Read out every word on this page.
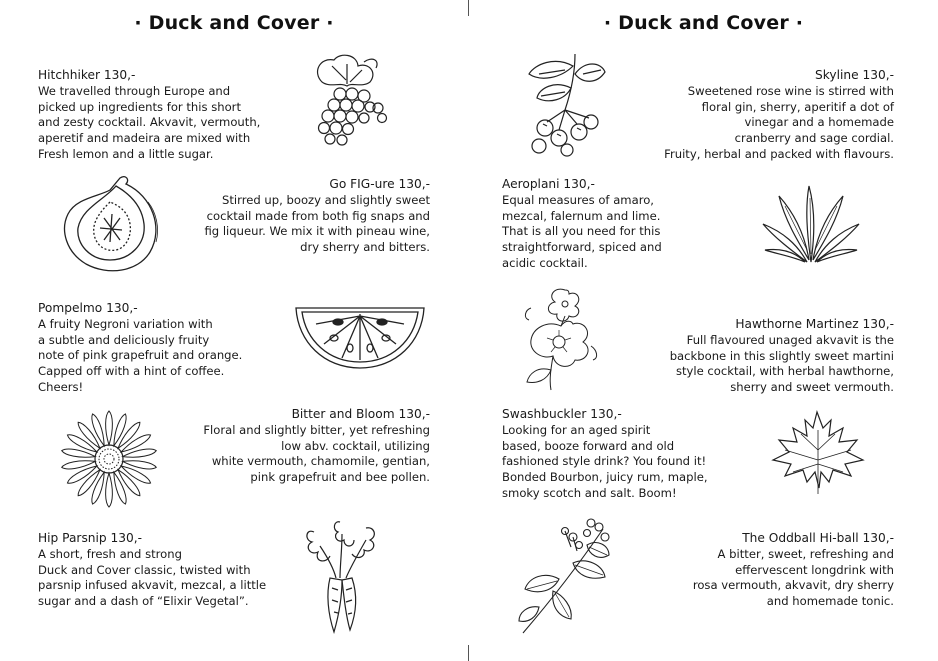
· Duck and Cover ·
Hitchhiker 130,-
We travelled through Europe and
picked up ingredients for this short
and zesty cocktail. Akvavit, vermouth,
aperetif and madeira are mixed with
Fresh lemon and a little sugar.
Go FIG-ure 130,-
Stirred up, boozy and slightly sweet
cocktail made from both fig snaps and
fig liqueur. We mix it with pineau wine,
dry sherry and bitters.
Pompelmo 130,-
A fruity Negroni variation with
a subtle and deliciously fruity
note of pink grapefruit and orange.
Capped off with a hint of coffee.
Cheers!
Bitter and Bloom 130,-
Floral and slightly bitter, yet refreshing
low abv. cocktail, utilizing
white vermouth, chamomile, gentian,
pink grapefruit and bee pollen.
Hip Parsnip 130,-
A short, fresh and strong
Duck and Cover classic, twisted with
parsnip infused akvavit, mezcal, a little
sugar and a dash of “Elixir Vegetal”.
· Duck and Cover ·
Skyline 130,-
Sweetened rose wine is stirred with
floral gin, sherry, aperitif a dot of
vinegar and a homemade
cranberry and sage cordial.
Fruity, herbal and packed with flavours.
Aeroplani 130,-
Equal measures of amaro,
mezcal, falernum and lime.
That is all you need for this
straightforward, spiced and
acidic cocktail.
Hawthorne Martinez 130,-
Full flavoured unaged akvavit is the
backbone in this slightly sweet martini
style cocktail, with herbal hawthorne,
sherry and sweet vermouth.
Swashbuckler 130,-
Looking for an aged spirit
based, booze forward and old
fashioned style drink? You found it!
Bonded Bourbon, juicy rum, maple,
smoky scotch and salt. Boom!
The Oddball Hi-ball 130,-
A bitter, sweet, refreshing and
effervescent longdrink with
rosa vermouth, akvavit, dry sherry
and homemade tonic.
